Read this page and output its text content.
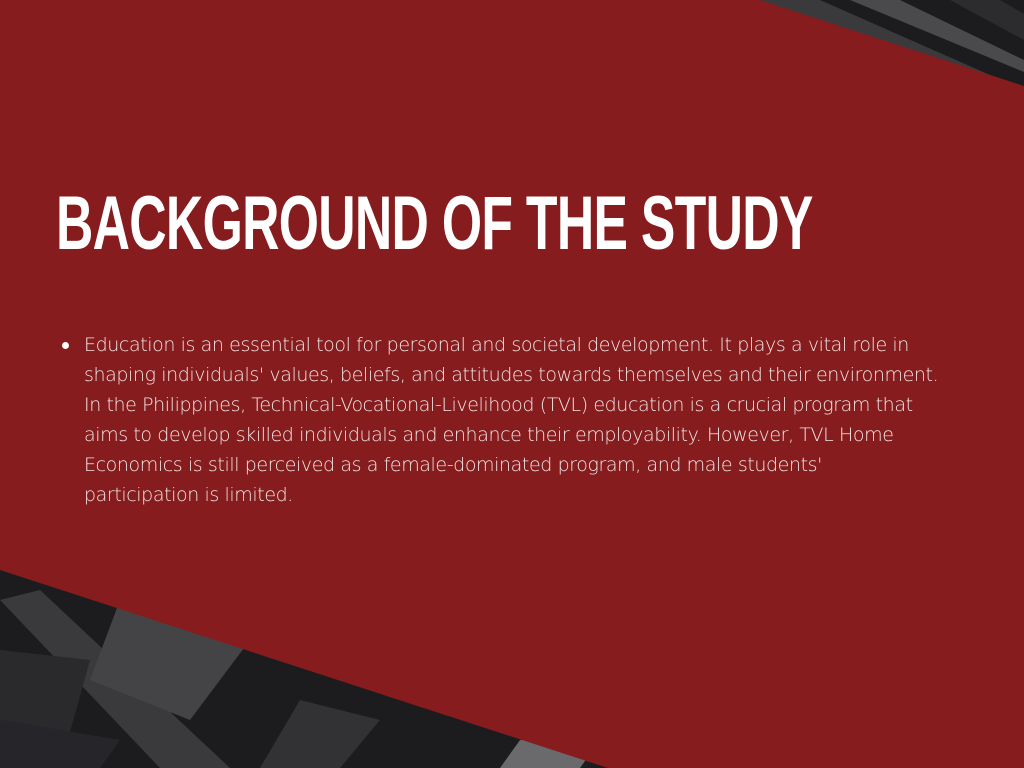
BACKGROUND OF THE STUDY
Education is an essential tool for personal and societal development. It plays a vital role in shaping individuals' values, beliefs, and attitudes towards themselves and their environment. In the Philippines, Technical-Vocational-Livelihood (TVL) education is a crucial program that aims to develop skilled individuals and enhance their employability. However, TVL Home Economics is still perceived as a female-dominated program, and male students' participation is limited.
